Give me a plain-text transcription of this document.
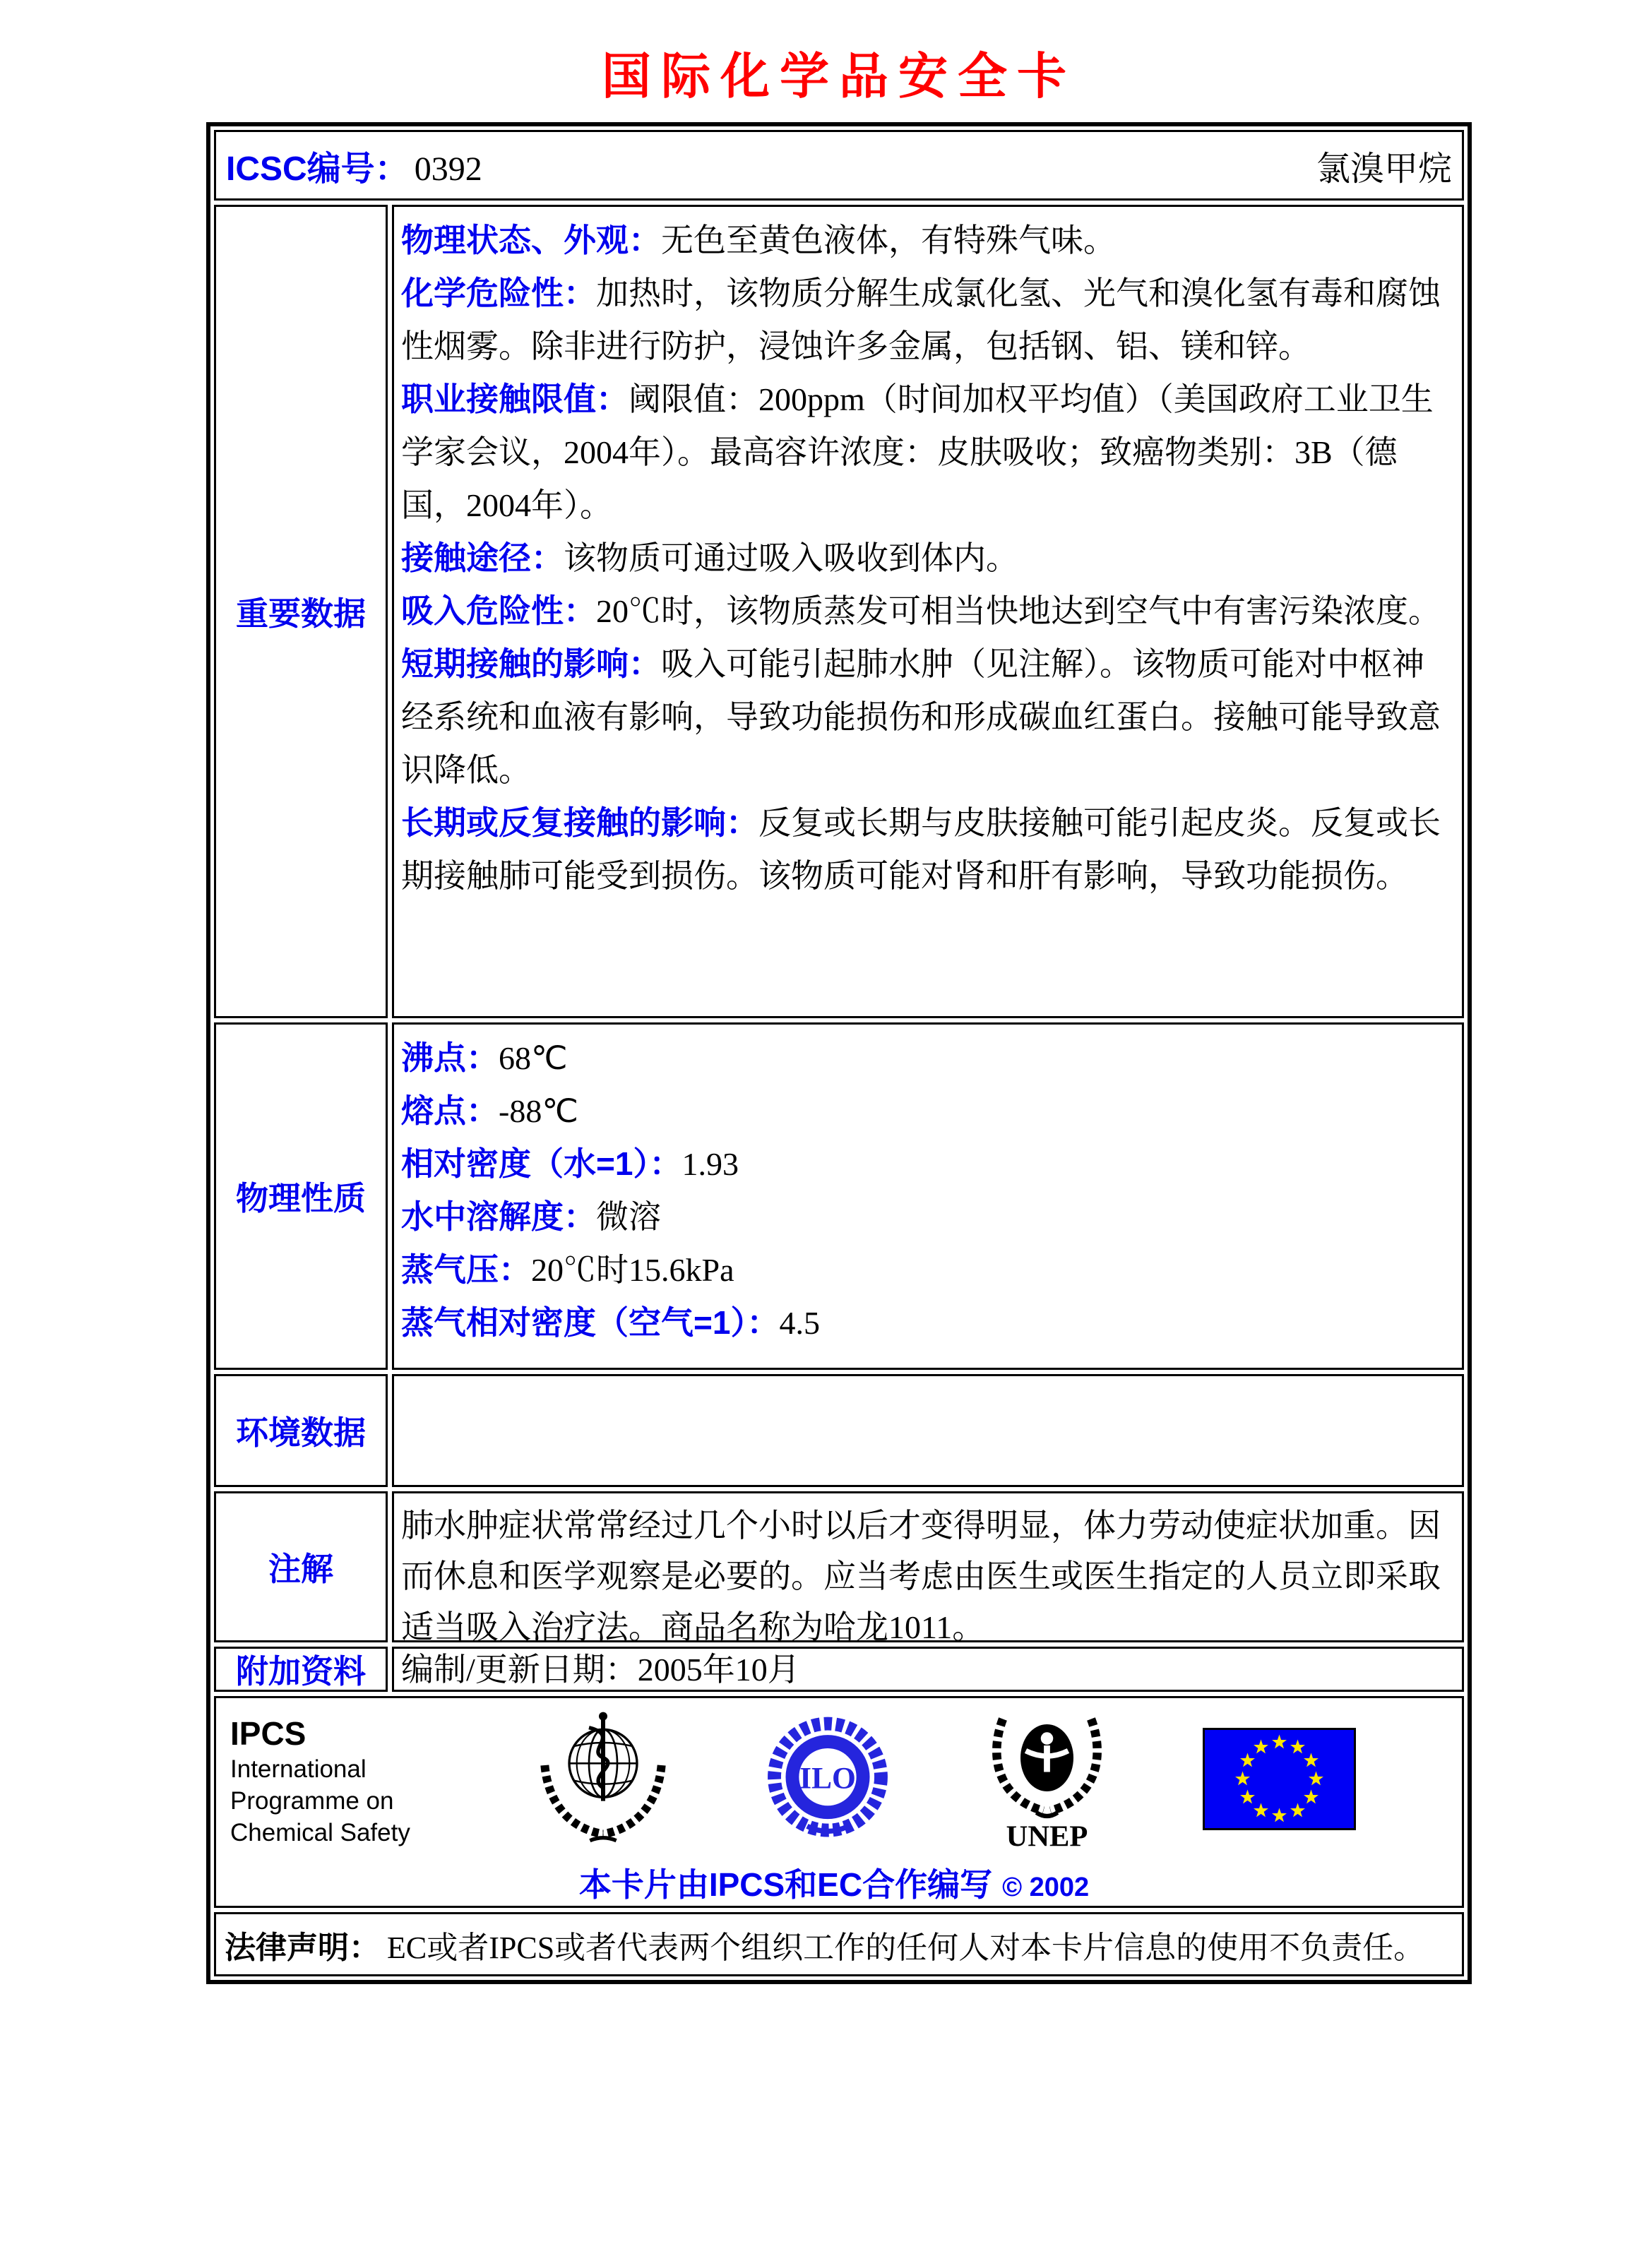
国际化学品安全卡
ICSC编号： 0392	氯溴甲烷
重要数据
物理状态、外观：无色至黄色液体，有特殊气味。
化学危险性：加热时，该物质分解生成氯化氢、光气和溴化氢有毒和腐蚀性烟雾。除非进行防护，浸蚀许多金属，包括钢、铝、镁和锌。
职业接触限值：阈限值：200ppm（时间加权平均值）（美国政府工业卫生学家会议，2004年）。最高容许浓度：皮肤吸收；致癌物类别：3B（德国，2004年）。
接触途径：该物质可通过吸入吸收到体内。
吸入危险性：20℃时，该物质蒸发可相当快地达到空气中有害污染浓度。
短期接触的影响：吸入可能引起肺水肿（见注解）。该物质可能对中枢神经系统和血液有影响，导致功能损伤和形成碳血红蛋白。接触可能导致意识降低。
长期或反复接触的影响：反复或长期与皮肤接触可能引起皮炎。反复或长期接触肺可能受到损伤。该物质可能对肾和肝有影响，导致功能损伤。
物理性质
沸点：68℃
熔点：-88℃
相对密度（水=1）：1.93
水中溶解度：微溶
蒸气压：20℃时15.6kPa
蒸气相对密度（空气=1）：4.5
环境数据
注解
肺水肿症状常常经过几个小时以后才变得明显，体力劳动使症状加重。因而休息和医学观察是必要的。应当考虑由医生或医生指定的人员立即采取适当吸入治疗法。商品名称为哈龙1011。
附加资料	编制/更新日期：2005年10月
IPCS
International
Programme on
Chemical Safety
ILO
UNEP
本卡片由IPCS和EC合作编写 © 2002
法律声明： EC或者IPCS或者代表两个组织工作的任何人对本卡片信息的使用不负责任。
